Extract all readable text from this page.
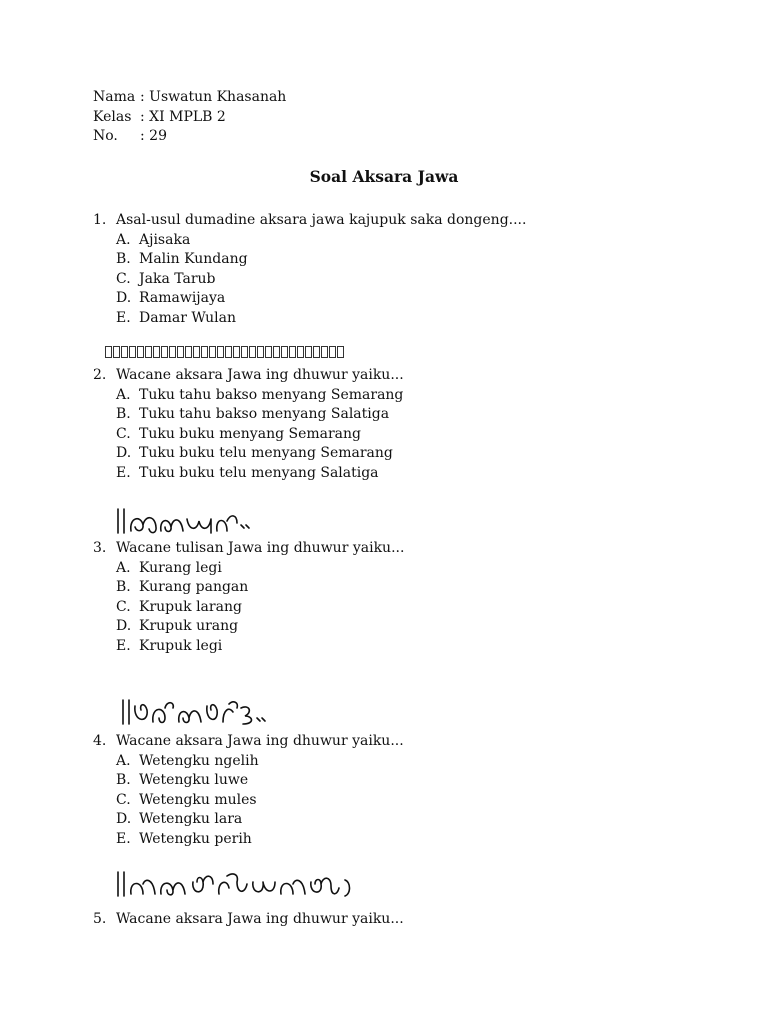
Nama : Uswatun Khasanah
Kelas : XI MPLB 2
No.	: 29
Soal Aksara Jawa
1. Asal-usul dumadine aksara jawa kajupuk saka dongeng....
A. Ajisaka
B. Malin Kundang
C. Jaka Tarub
D. Ramawijaya
E. Damar Wulan
2. Wacane aksara Jawa ing dhuwur yaiku...
A. Tuku tahu bakso menyang Semarang
B. Tuku tahu bakso menyang Salatiga
C. Tuku buku menyang Semarang
D. Tuku buku telu menyang Semarang
E. Tuku buku telu menyang Salatiga
3. Wacane tulisan Jawa ing dhuwur yaiku...
A. Kurang legi
B. Kurang pangan
C. Krupuk larang
D. Krupuk urang
E. Krupuk legi
4. Wacane aksara Jawa ing dhuwur yaiku...
A. Wetengku ngelih
B. Wetengku luwe
C. Wetengku mules
D. Wetengku lara
E. Wetengku perih
5. Wacane aksara Jawa ing dhuwur yaiku...
